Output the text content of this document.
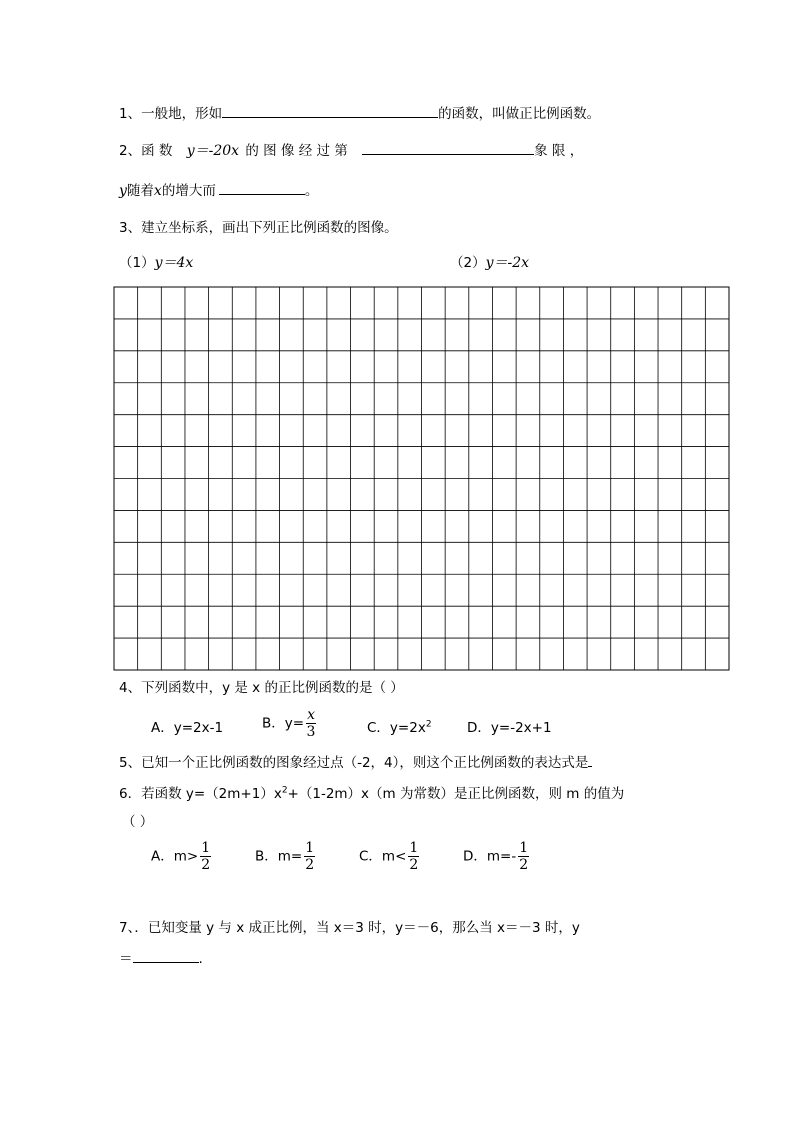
1、一般地，形如	的函数，叫做正比例函数。
2、函 数 y＝-20x 的 图 像 经 过 第	象 限 ，
y随着x的增大而	。
3、建立坐标系，画出下列正比例函数的图像。
（1）y＝4x	（2）y＝-2x
4、下列函数中，y 是 x 的正比例函数的是（ ）
A．y=2x-1	B．$y= \frac{x}{3}$	C．$y=2x^2$	D．y=-2x+1
5、已知一个正比例函数的图象经过点（-2，4），则这个正比例函数的表达式是
6．若函数 $y=(2m+1)x^2+(1-2m)x(m$ 为常数）是正比例函数，则 m 的值为
（ ）
A．$m> \frac{1}{2}$	B．$m= \frac{1}{2}$	C．$m< \frac{1}{2}$	D．$m=- \frac{1}{2}$
7、．已知变量 y 与 x 成正比例，当 x＝3 时，y＝－6，那么当 x＝－3 时，y
＝	.
